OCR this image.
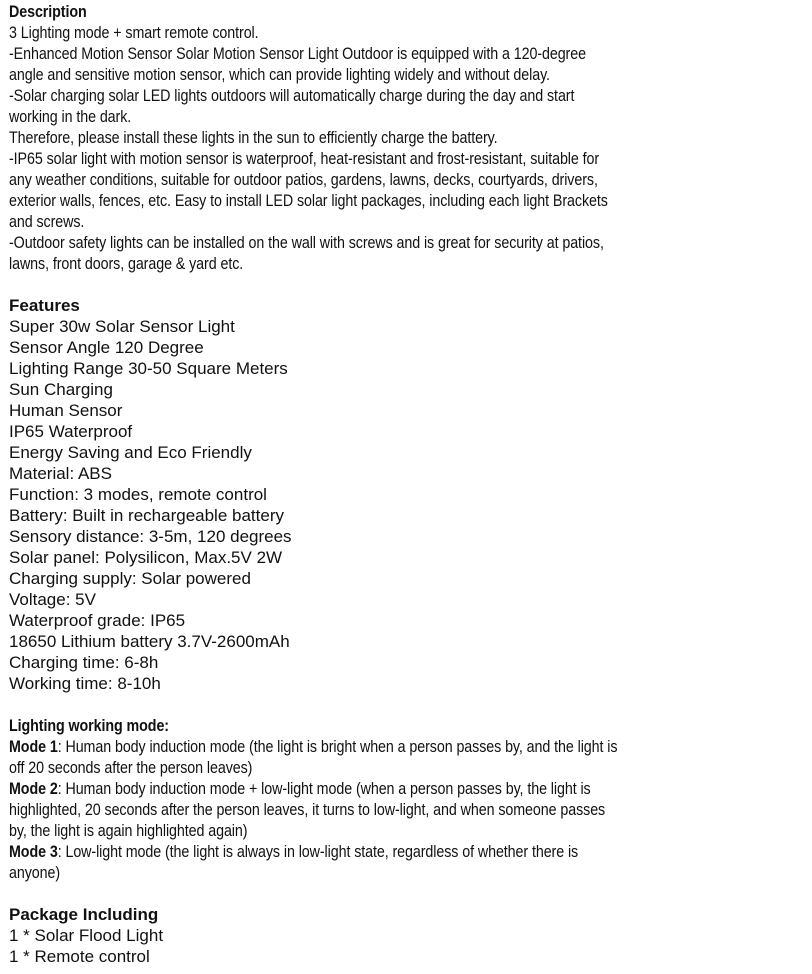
Description
3 Lighting mode + smart remote control.
-Enhanced Motion Sensor Solar Motion Sensor Light Outdoor is equipped with a 120-degree
angle and sensitive motion sensor, which can provide lighting widely and without delay.
-Solar charging solar LED lights outdoors will automatically charge during the day and start
working in the dark.
Therefore, please install these lights in the sun to efficiently charge the battery.
-IP65 solar light with motion sensor is waterproof, heat-resistant and frost-resistant, suitable for
any weather conditions, suitable for outdoor patios, gardens, lawns, decks, courtyards, drivers,
exterior walls, fences, etc. Easy to install LED solar light packages, including each light Brackets
and screws.
-Outdoor safety lights can be installed on the wall with screws and is great for security at patios,
lawns, front doors, garage & yard etc.
Features
Super 30w Solar Sensor Light
Sensor Angle 120 Degree
Lighting Range 30-50 Square Meters
Sun Charging
Human Sensor
IP65 Waterproof
Energy Saving and Eco Friendly
Material: ABS
Function: 3 modes, remote control
Battery: Built in rechargeable battery
Sensory distance: 3-5m, 120 degrees
Solar panel: Polysilicon, Max.5V 2W
Charging supply: Solar powered
Voltage: 5V
Waterproof grade: IP65
18650 Lithium battery 3.7V-2600mAh
Charging time: 6-8h
Working time: 8-10h
Lighting working mode:
Mode 1: Human body induction mode (the light is bright when a person passes by, and the light is
off 20 seconds after the person leaves)
Mode 2: Human body induction mode + low-light mode (when a person passes by, the light is
highlighted, 20 seconds after the person leaves, it turns to low-light, and when someone passes
by, the light is again highlighted again)
Mode 3: Low-light mode (the light is always in low-light state, regardless of whether there is
anyone)
Package Including
1 * Solar Flood Light
1 * Remote control
